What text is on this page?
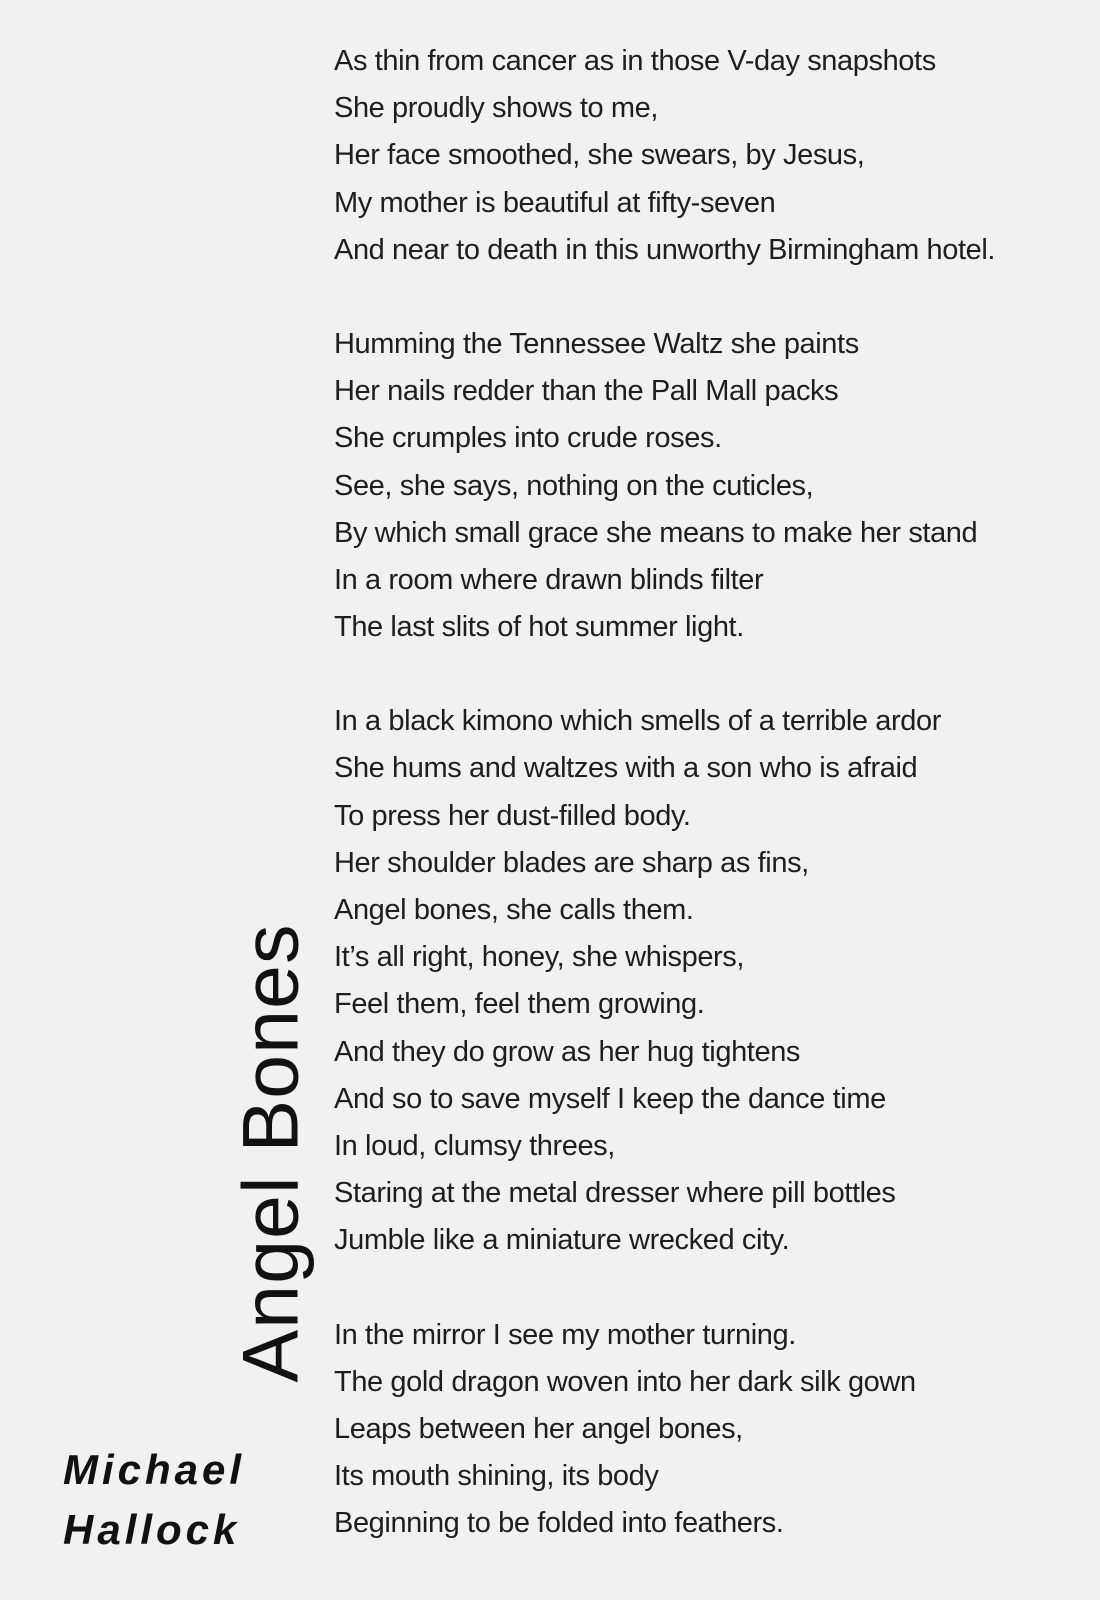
As thin from cancer as in those V-day snapshots
She proudly shows to me,
Her face smoothed, she swears, by Jesus,
My mother is beautiful at fifty-seven
And near to death in this unworthy Birmingham hotel.
Humming the Tennessee Waltz she paints
Her nails redder than the Pall Mall packs
She crumples into crude roses.
See, she says, nothing on the cuticles,
By which small grace she means to make her stand
In a room where drawn blinds filter
The last slits of hot summer light.
In a black kimono which smells of a terrible ardor
She hums and waltzes with a son who is afraid
To press her dust-filled body.
Her shoulder blades are sharp as fins,
Angel bones, she calls them.
It’s all right, honey, she whispers,
Feel them, feel them growing.
And they do grow as her hug tightens
And so to save myself I keep the dance time
In loud, clumsy threes,
Staring at the metal dresser where pill bottles
Jumble like a miniature wrecked city.
In the mirror I see my mother turning.
The gold dragon woven into her dark silk gown
Leaps between her angel bones,
Its mouth shining, its body
Beginning to be folded into feathers.
Angel Bones
Michael
Hallock
